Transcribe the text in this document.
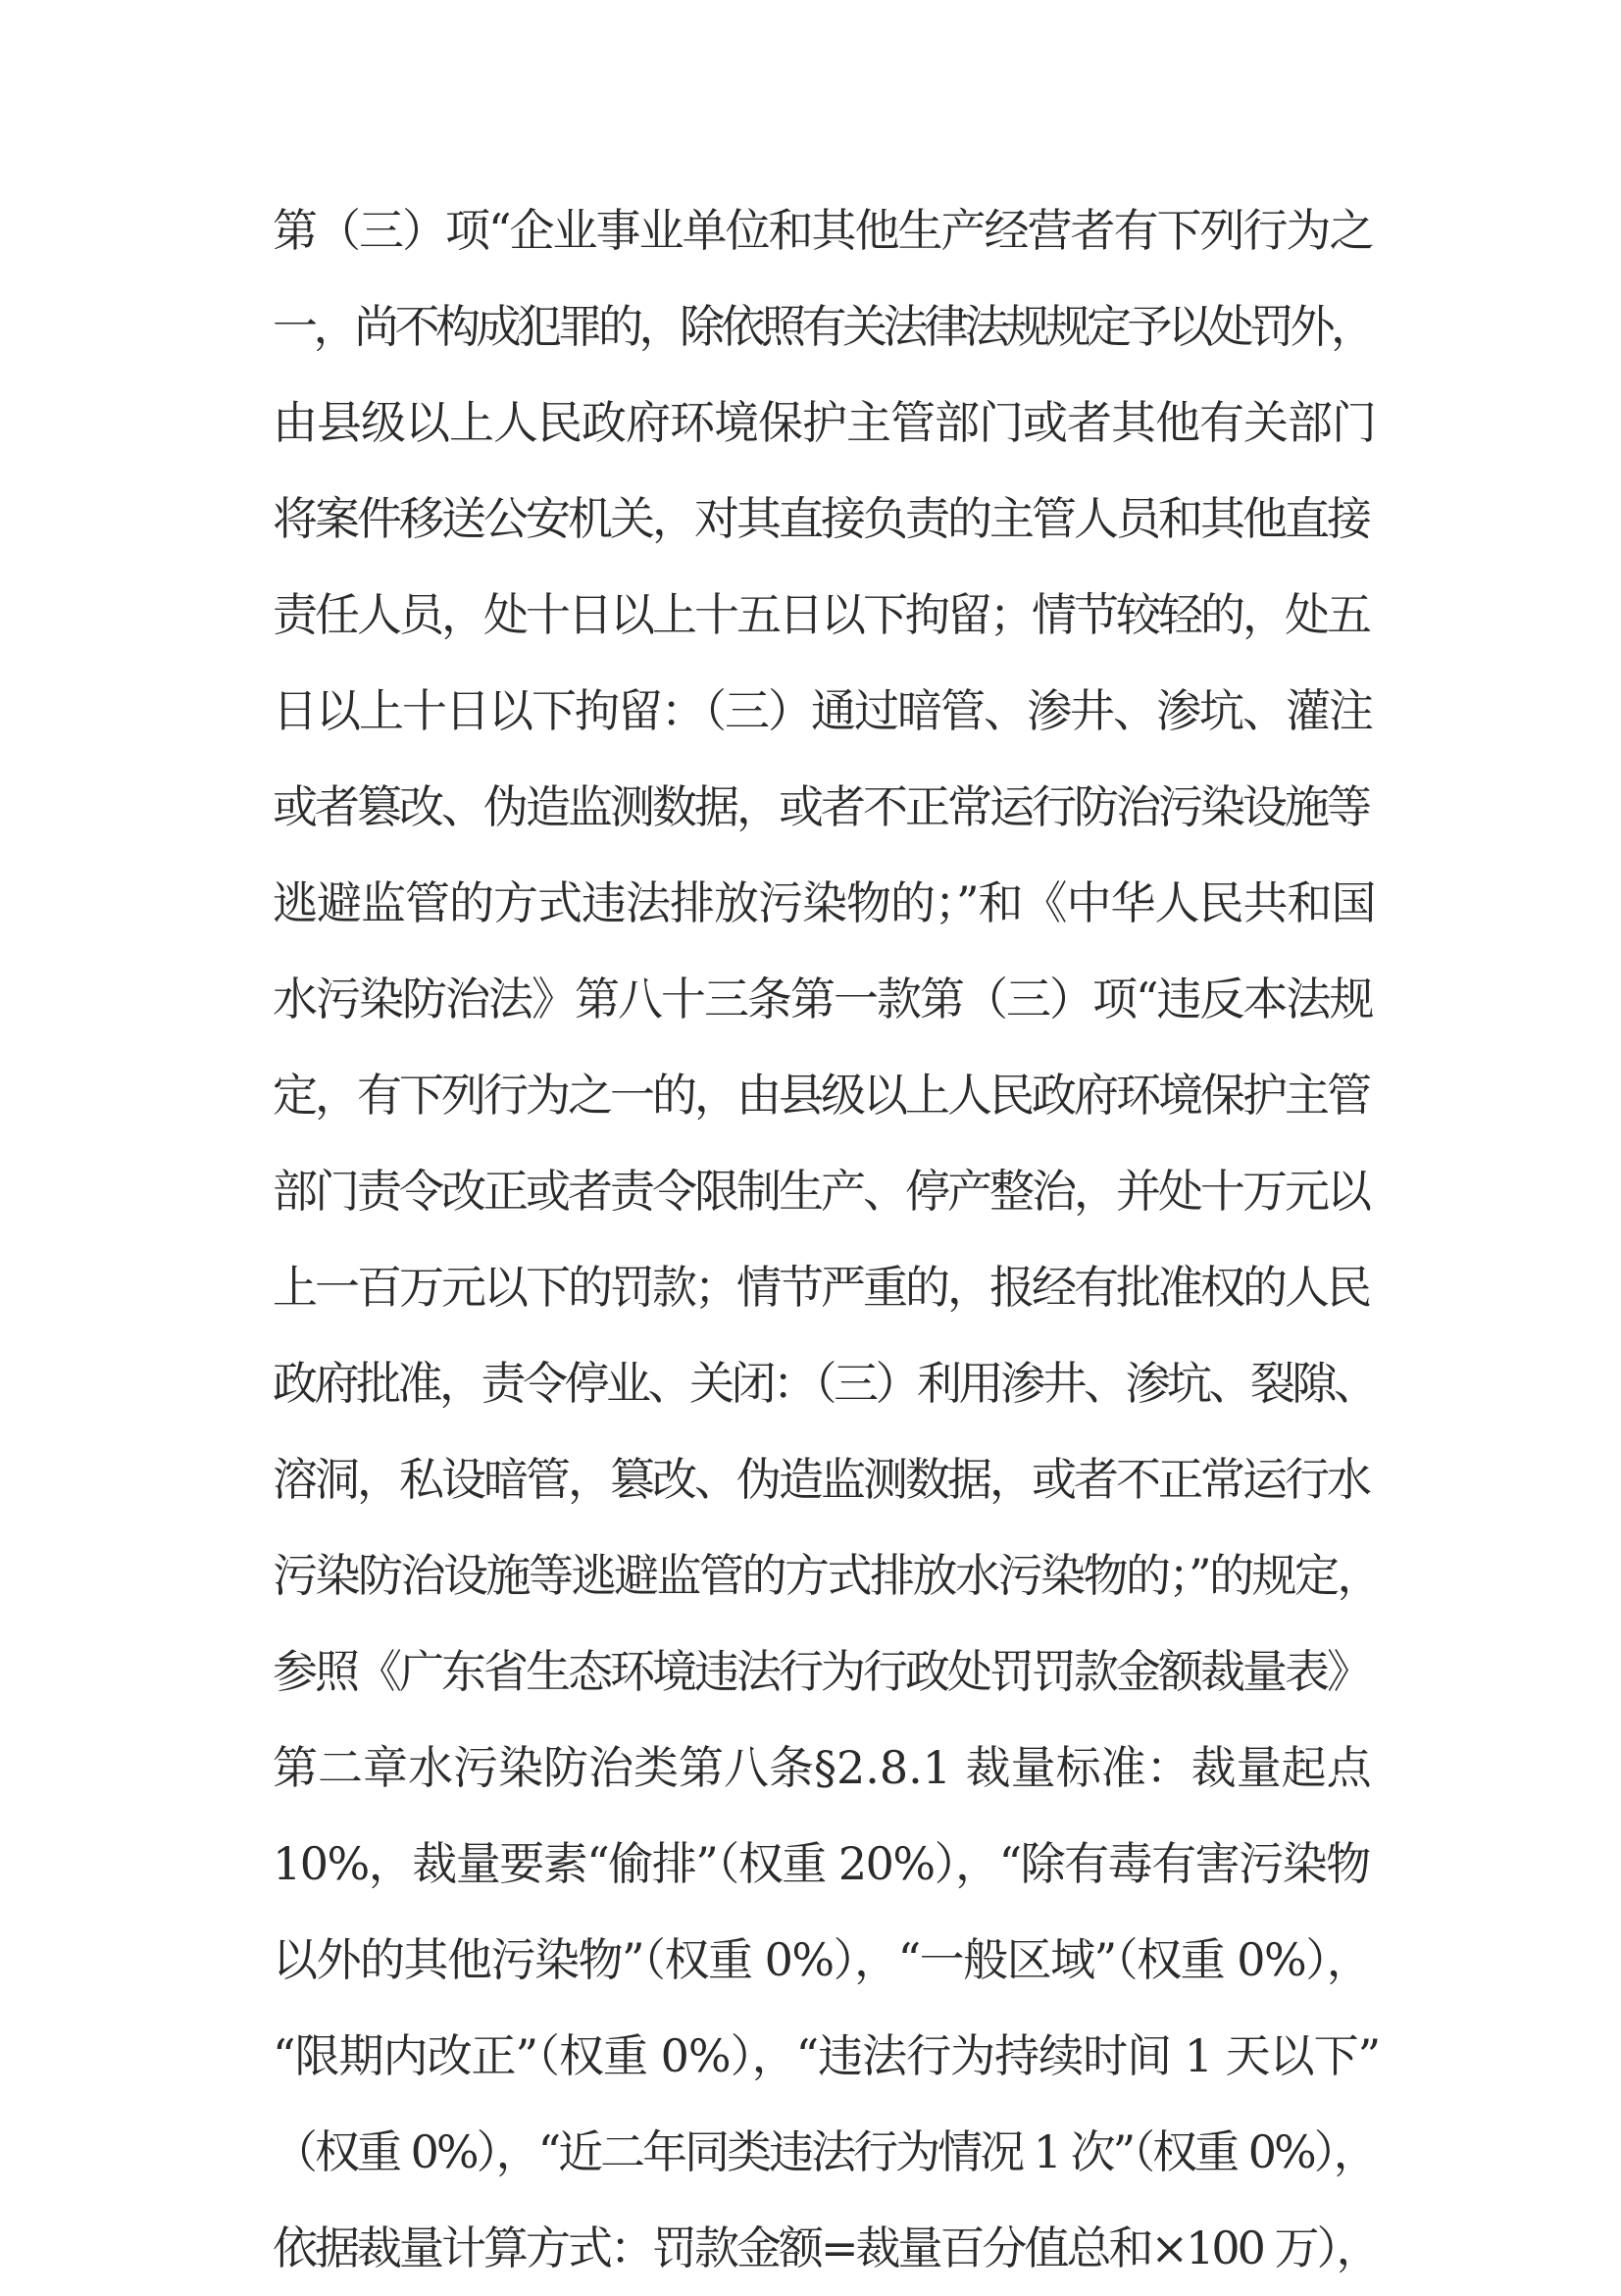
第（三）项“企业事业单位和其他生产经营者有下列行为之
一，尚不构成犯罪的，除依照有关法律法规规定予以处罚外，
由县级以上人民政府环境保护主管部门或者其他有关部门
将案件移送公安机关，对其直接负责的主管人员和其他直接
责任人员，处十日以上十五日以下拘留；情节较轻的，处五
日以上十日以下拘留：（三）通过暗管、渗井、渗坑、灌注
或者篡改、伪造监测数据，或者不正常运行防治污染设施等
逃避监管的方式违法排放污染物的；”和《中华人民共和国
水污染防治法》第八十三条第一款第（三）项“违反本法规
定，有下列行为之一的，由县级以上人民政府环境保护主管
部门责令改正或者责令限制生产、停产整治，并处十万元以
上一百万元以下的罚款；情节严重的，报经有批准权的人民
政府批准，责令停业、关闭：（三）利用渗井、渗坑、裂隙、
溶洞，私设暗管，篡改、伪造监测数据，或者不正常运行水
污染防治设施等逃避监管的方式排放水污染物的；”的规定，
参照《广东省生态环境违法行为行政处罚罚款金额裁量表》
第二章水污染防治类第八条§2.8.1 裁量标准：裁量起点
10%，裁量要素“偷排”（权重 20%），“除有毒有害污染物
以外的其他污染物”（权重 0%），“一般区域”（权重 0%），
“限期内改正”（权重 0%），“违法行为持续时间 1 天以下”
（权重 0%），“近二年同类违法行为情况 1 次”（权重 0%），
依据裁量计算方式：罚款金额=裁量百分值总和×100 万），
